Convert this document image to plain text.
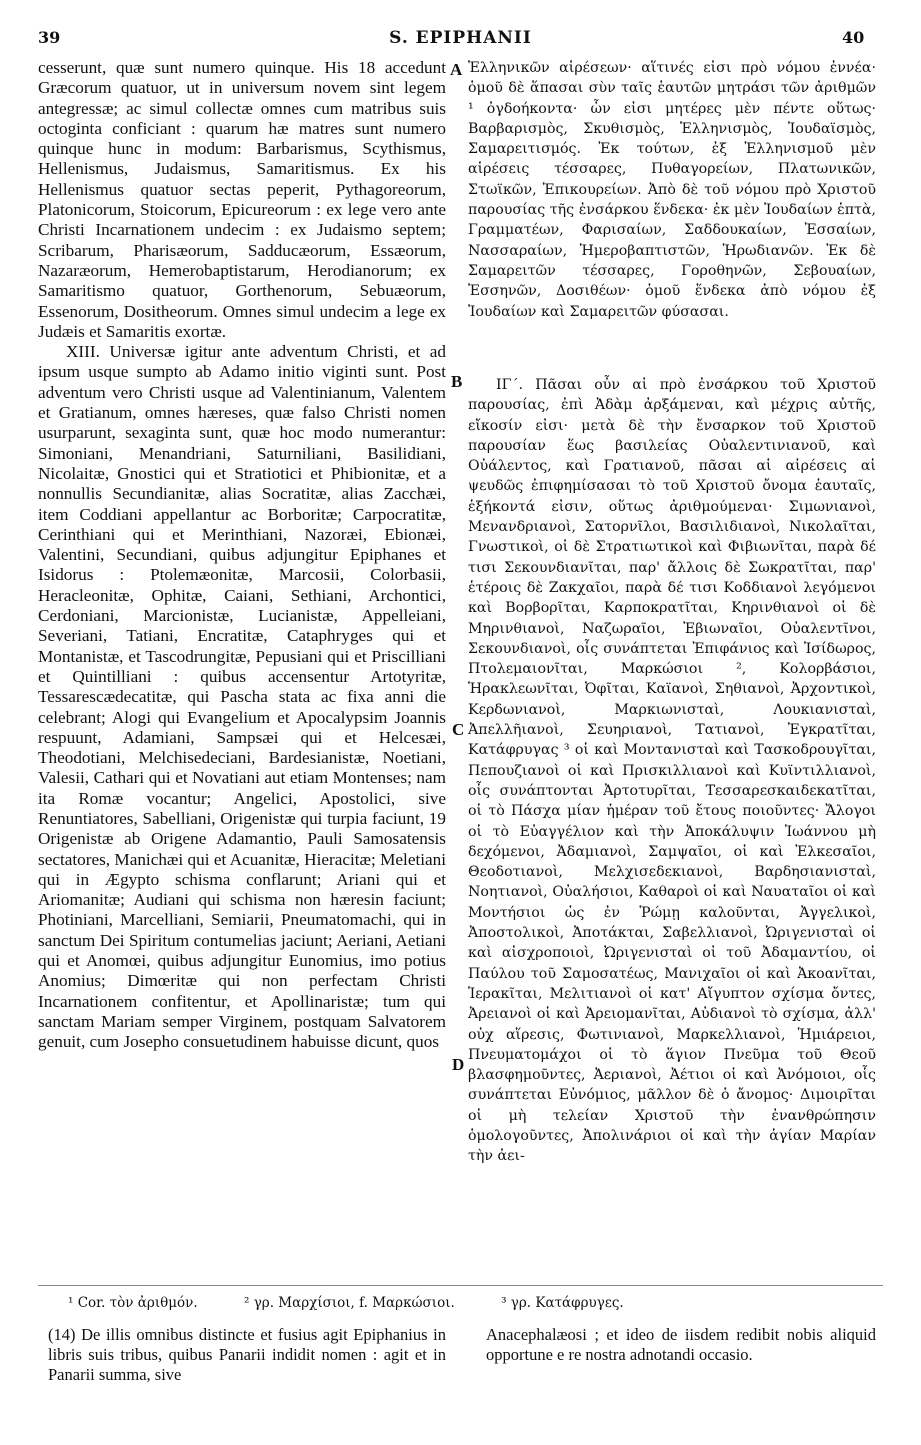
39	S. EPIPHANII	40

cesserunt, quæ sunt numero quinque. His 18 accedunt Græcorum quatuor, ut in universum novem sint legem antegressæ; ac simul collectæ omnes cum matribus suis octoginta conficiant : quarum hæ matres sunt numero quinque hunc in modum: Barbarismus, Scythismus, Hellenismus, Judaismus, Samaritismus. Ex his Hellenismus quatuor sectas peperit, Pythagoreorum, Platonicorum, Stoicorum, Epicureorum : ex lege vero ante Christi Incarnationem undecim : ex Judaismo septem; Scribarum, Pharisæorum, Sadducæorum, Essæorum, Nazaræorum, Hemerobaptistarum, Herodianorum; ex Samaritismo quatuor, Gorthenorum, Sebuæorum, Essenorum, Dositheorum. Omnes simul undecim a lege ex Judæis et Samaritis exortæ.

XIII. Universæ igitur ante adventum Christi, et ad ipsum usque sumpto ab Adamo initio viginti sunt. Post adventum vero Christi usque ad Valentinianum, Valentem et Gratianum, omnes hæreses, quæ falso Christi nomen usurparunt, sexaginta sunt, quæ hoc modo numerantur: Simoniani, Menandriani, Saturniliani, Basilidiani, Nicolaitæ, Gnostici qui et Stratiotici et Phibionitæ, et a nonnullis Secundianitæ, alias Socratitæ, alias Zacchæi, item Coddiani appellantur ac Borboritæ; Carpocratitæ, Cerinthiani qui et Merinthiani, Nazoræi, Ebionæi, Valentini, Secundiani, quibus adjungitur Epiphanes et Isidorus : Ptolemæonitæ, Marcosii, Colorbasii, Heracleonitæ, Ophitæ, Caiani, Sethiani, Archontici, Cerdoniani, Marcionistæ, Lucianistæ, Appelleiani, Severiani, Tatiani, Encratitæ, Cataphryges qui et Montanistæ, et Tascodrungitæ, Pepusiani qui et Priscilliani et Quintilliani : quibus accensentur Artotyritæ, Tessarescædecatitæ, qui Pascha stata ac fixa anni die celebrant; Alogi qui Evangelium et Apocalypsim Joannis respuunt, Adamiani, Sampsæi qui et Helcesæi, Theodotiani, Melchisedeciani, Bardesianistæ, Noetiani, Valesii, Cathari qui et Novatiani aut etiam Montenses; nam ita Romæ vocantur; Angelici, Apostolici, sive Renuntiatores, Sabelliani, Origenistæ qui turpia faciunt, 19 Origenistæ ab Origene Adamantio, Pauli Samosatensis sectatores, Manichæi qui et Acuanitæ, Hieracitæ; Meletiani qui in Ægypto schisma conflarunt; Ariani qui et Ariomanitæ; Audiani qui schisma non hæresin faciunt; Photiniani, Marcelliani, Semiarii, Pneumatomachi, qui in sanctum Dei Spiritum contumelias jaciunt; Aeriani, Aetiani qui et Anomœi, quibus adjungitur Eunomius, imo potius Anomius; Dimœritæ qui non perfectam Christi Incarnationem confitentur, et Apollinaristæ; tum qui sanctam Mariam semper Virginem, postquam Salvatorem genuit, cum Josepho consuetudinem habuisse dicunt, quos

Ἑλληνικῶν αἱρέσεων· αἵτινές εἰσι πρὸ νόμου ἐννέα· ὁμοῦ δὲ ἅπασαι σὺν ταῖς ἑαυτῶν μητράσι τῶν ἀριθμῶν ¹ ὀγδοήκοντα· ὧν εἰσι μητέρες μὲν πέντε οὕτως· Βαρβαρισμὸς, Σκυθισμὸς, Ἑλληνισμὸς, Ἰουδαϊσμὸς, Σαμαρειτισμός. Ἐκ τούτων, ἐξ Ἑλληνισμοῦ μὲν αἱρέσεις τέσσαρες, Πυθαγορείων, Πλατωνικῶν, Στωϊκῶν, Ἐπικουρείων. Ἀπὸ δὲ τοῦ νόμου πρὸ Χριστοῦ παρουσίας τῆς ἐνσάρκου ἕνδεκα· ἐκ μὲν Ἰουδαίων ἑπτὰ, Γραμματέων, Φαρισαίων, Σαδδουκαίων, Ἐσσαίων, Νασσαραίων, Ἡμεροβαπτιστῶν, Ἡρωδιανῶν. Ἐκ δὲ Σαμαρειτῶν τέσσαρες, Γοροθηνῶν, Σεβουαίων, Ἐσσηνῶν, Δοσιθέων· ὁμοῦ ἕνδεκα ἀπὸ νόμου ἐξ Ἰουδαίων καὶ Σαμαρειτῶν φύσασαι.

ΙΓ΄. Πᾶσαι οὖν αἱ πρὸ ἐνσάρκου τοῦ Χριστοῦ παρουσίας, ἐπὶ Ἀδὰμ ἀρξάμεναι, καὶ μέχρις αὐτῆς, εἴκοσίν εἰσι· μετὰ δὲ τὴν ἔνσαρκον τοῦ Χριστοῦ παρουσίαν ἕως βασιλείας Οὐαλεντινιανοῦ, καὶ Οὐάλεντος, καὶ Γρατιανοῦ, πᾶσαι αἱ αἱρέσεις αἱ ψευδῶς ἐπιφημίσασαι τὸ τοῦ Χριστοῦ ὄνομα ἑαυταῖς, ἑξήκοντά εἰσιν, οὕτως ἀριθμούμεναι· Σιμωνιανοὶ, Μενανδριανοὶ, Σατορνῖλοι, Βασιλιδιανοὶ, Νικολαῖται, Γνωστικοὶ, οἱ δὲ Στρατιωτικοὶ καὶ Φιβιωνῖται, παρὰ δέ τισι Σεκουνδιανῖται, παρ' ἄλλοις δὲ Σωκρατῖται, παρ' ἑτέροις δὲ Ζακχαῖοι, παρὰ δέ τισι Κοδδιανοὶ λεγόμενοι καὶ Βορβορῖται, Καρποκρατῖται, Κηρινθιανοὶ οἱ δὲ Μηρινθιανοὶ, Ναζωραῖοι, Ἐβιωναῖοι, Οὐαλεντῖνοι, Σεκουνδιανοὶ, οἷς συνάπτεται Ἐπιφάνιος καὶ Ἰσίδωρος, Πτολεμαιονῖται, Μαρκώσιοι ², Κολορβάσιοι, Ἡρακλεωνῖται, Ὀφῖται, Καϊανοὶ, Σηθιανοὶ, Ἀρχοντικοὶ, Κερδωνιανοὶ, Μαρκιωνισταὶ, Λουκιανισταὶ, Ἀπελλῆιανοὶ, Σευηριανοὶ, Τατιανοὶ, Ἐγκρατῖται, Κατάφρυγας ³ οἱ καὶ Μοντανισταὶ καὶ Τασκοδρουγῖται, Πεπουζιανοὶ οἱ καὶ Πρισκιλλιανοὶ καὶ Κυϊντιλλιανοὶ, οἷς συνάπτονται Ἀρτοτυρῖται, Τεσσαρεσκαιδεκατῖται, οἱ τὸ Πάσχα μίαν ἡμέραν τοῦ ἔτους ποιοῦντες· Ἄλογοι οἱ τὸ Εὐαγγέλιον καὶ τὴν Ἀποκάλυψιν Ἰωάννου μὴ δεχόμενοι, Ἀδαμιανοὶ, Σαμψαῖοι, οἱ καὶ Ἐλκεσαῖοι, Θεοδοτιανοὶ, Μελχισεδεκιανοὶ, Βαρδησιανισταὶ, Νοητιανοὶ, Οὐαλήσιοι, Καθαροὶ οἱ καὶ Ναυαταῖοι οἱ καὶ Μοντήσιοι ὡς ἐν Ῥώμῃ καλοῦνται, Ἀγγελικοὶ, Ἀποστολικοὶ, Ἀποτάκται, Σαβελλιανοὶ, Ὠριγενισταὶ οἱ καὶ αἰσχροποιοὶ, Ὠριγενισταὶ οἱ τοῦ Ἀδαμαντίου, οἱ Παύλου τοῦ Σαμοσατέως, Μανιχαῖοι οἱ καὶ Ἀκοανῖται, Ἱερακῖται, Μελιτιανοὶ οἱ κατ' Αἴγυπτον σχίσμα ὄντες, Ἀρειανοὶ οἱ καὶ Ἀρειομανῖται, Αὐδιανοὶ τὸ σχίσμα, ἀλλ' οὐχ αἵρεσις, Φωτινιανοὶ, Μαρκελλιανοὶ, Ἡμιάρειοι, Πνευματομάχοι οἱ τὸ ἅγιον Πνεῦμα τοῦ Θεοῦ βλασφημοῦντες, Ἀεριανοὶ, Ἀέτιοι οἱ καὶ Ἀνόμοιοι, οἷς συνάπτεται Εὐνόμιος, μᾶλλον δὲ ὁ ἄνομος· Διμοιρῖται οἱ μὴ τελείαν Χριστοῦ τὴν ἐνανθρώπησιν ὁμολογοῦντες, Ἀπολινάριοι οἱ καὶ τὴν ἁγίαν Μαρίαν τὴν ἀει-

A
B
C
D
¹ Cor. τὸν ἀριθμόν.	² γρ. Μαρχίσιοι, f. Μαρκώσιοι.	³ γρ. Κατάφρυγες.
(14) De illis omnibus distincte et fusius agit Epiphanius in libris suis tribus, quibus Panarii indidit nomen : agit et in Panarii summa, sive
Anacephalæosi ; et ideo de iisdem redibit nobis aliquid opportune e re nostra adnotandi occasio.
